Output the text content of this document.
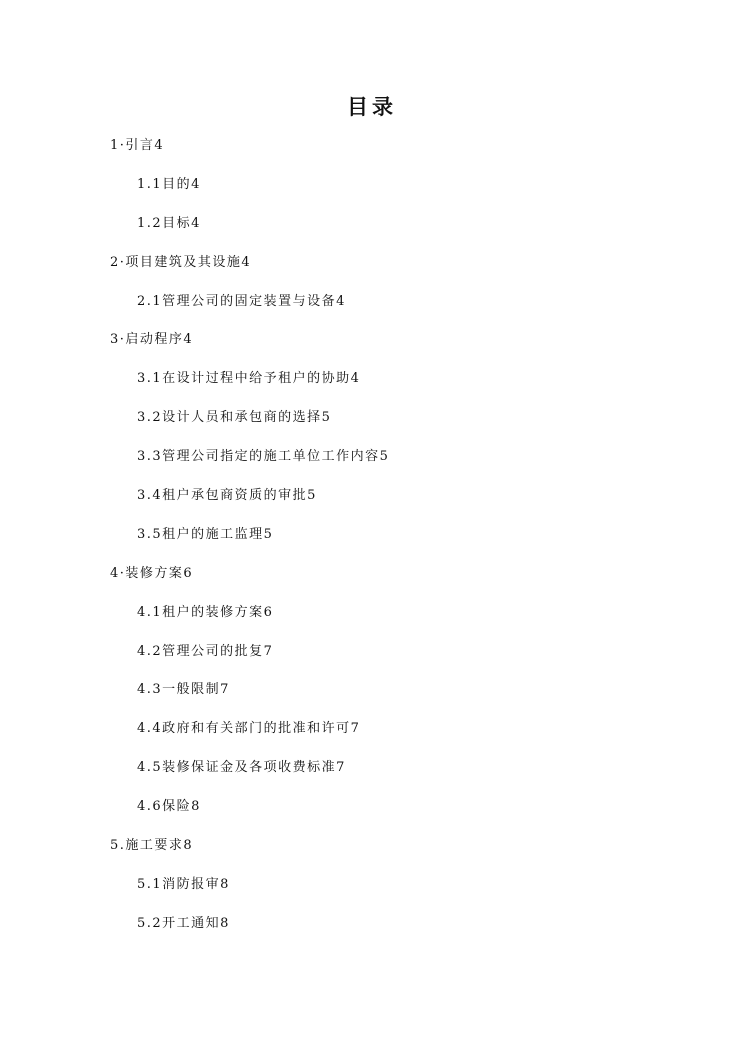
目录
1·引言4
1.1目的4
1.2目标4
2·项目建筑及其设施4
2.1管理公司的固定装置与设备4
3·启动程序4
3.1在设计过程中给予租户的协助4
3.2设计人员和承包商的选择5
3.3管理公司指定的施工单位工作内容5
3.4租户承包商资质的审批5
3.5租户的施工监理5
4·装修方案6
4.1租户的装修方案6
4.2管理公司的批复7
4.3一般限制7
4.4政府和有关部门的批准和许可7
4.5装修保证金及各项收费标准7
4.6保险8
5.施工要求8
5.1消防报审8
5.2开工通知8
